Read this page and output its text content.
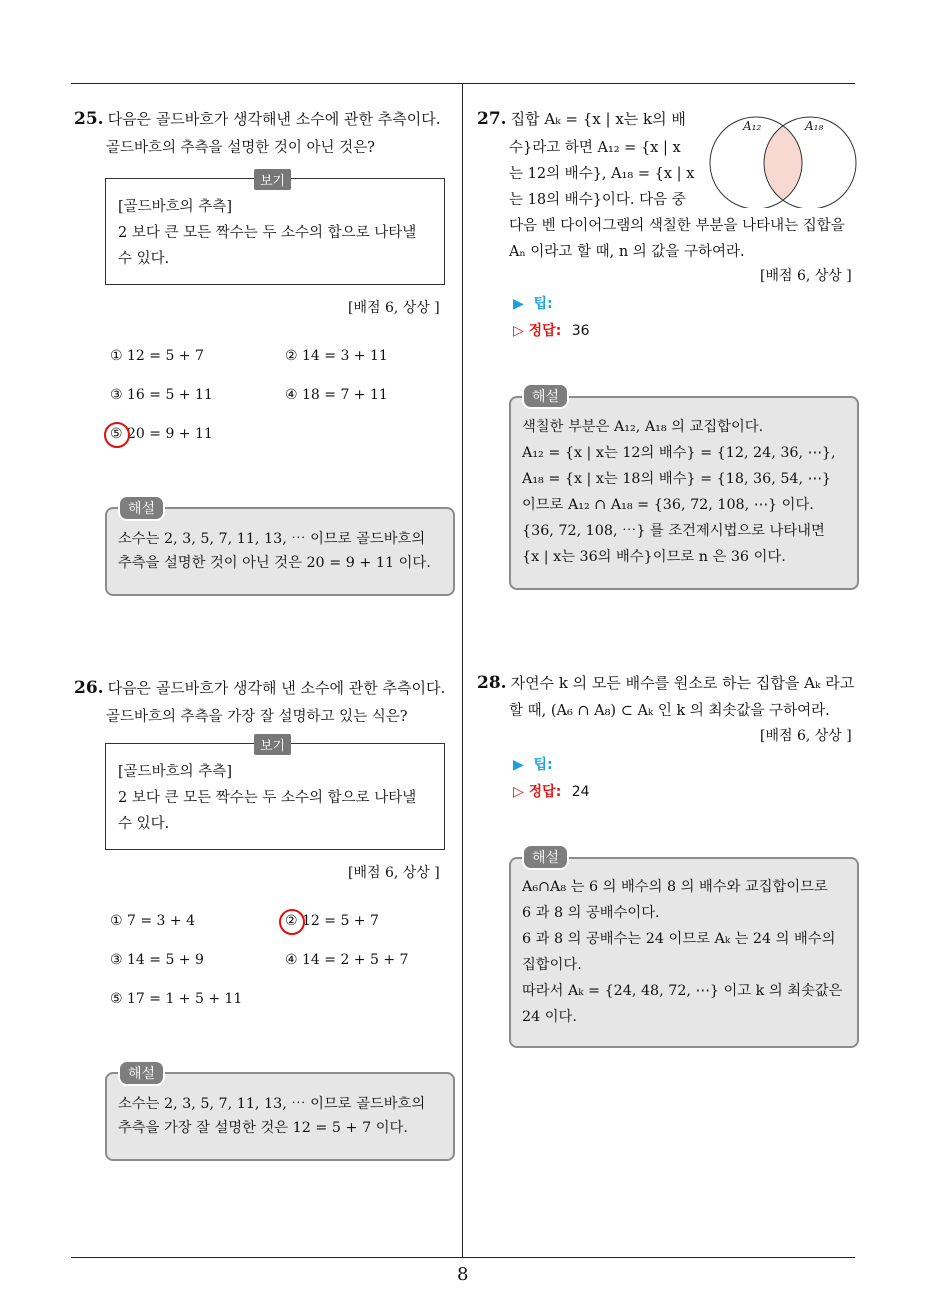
25. 다음은 골드바흐가 생각해낸 소수에 관한 추측이다.
골드바흐의 추측을 설명한 것이 아닌 것은?
보기
[골드바흐의 추측]
2 보다 큰 모든 짝수는 두 소수의 합으로 나타낼
수 있다.
[배점 6, 상상 ]
① 12 = 5 + 7	② 14 = 3 + 11
③ 16 = 5 + 11	④ 18 = 7 + 11
⑤ 20 = 9 + 11
해설
소수는 2, 3, 5, 7, 11, 13, ⋯ 이므로 골드바흐의
추측을 설명한 것이 아닌 것은 20 = 9 + 11 이다.
26. 다음은 골드바흐가 생각해 낸 소수에 관한 추측이다.
골드바흐의 추측을 가장 잘 설명하고 있는 식은?
보기
[골드바흐의 추측]
2 보다 큰 모든 짝수는 두 소수의 합으로 나타낼
수 있다.
[배점 6, 상상 ]
① 7 = 3 + 4	② 12 = 5 + 7
③ 14 = 5 + 9	④ 14 = 2 + 5 + 7
⑤ 17 = 1 + 5 + 11
해설
소수는 2, 3, 5, 7, 11, 13, ⋯ 이므로 골드바흐의
추측을 가장 잘 설명한 것은 12 = 5 + 7 이다.
27. 집합 Aₖ = {x | x는 k의 배
수}라고 하면 A₁₂ = {x | x
는 12의 배수}, A₁₈ = {x | x
는 18의 배수}이다. 다음 중
다음 벤 다이어그램의 색칠한 부분을 나타내는 집합을
Aₙ 이라고 할 때, n 의 값을 구하여라.
A₁₂	A₁₈
[배점 6, 상상 ]
▶  팁:
▷ 정답: 36
해설
색칠한 부분은 A₁₂, A₁₈ 의 교집합이다.
A₁₂ = {x | x는 12의 배수} = {12, 24, 36, ⋯},
A₁₈ = {x | x는 18의 배수} = {18, 36, 54, ⋯}
이므로 A₁₂ ∩ A₁₈ = {36, 72, 108, ⋯} 이다.
{36, 72, 108, ⋯} 를 조건제시법으로 나타내면
{x | x는 36의 배수}이므로 n 은 36 이다.
28. 자연수 k 의 모든 배수를 원소로 하는 집합을 Aₖ 라고
할 때, (A₆ ∩ A₈) ⊂ Aₖ 인 k 의 최솟값을 구하여라.
[배점 6, 상상 ]
▶  팁:
▷ 정답: 24
해설
A₆∩A₈ 는 6 의 배수의 8 의 배수와 교집합이므로
6 과 8 의 공배수이다.
6 과 8 의 공배수는 24 이므로 Aₖ 는 24 의 배수의
집합이다.
따라서 Aₖ = {24, 48, 72, ⋯} 이고 k 의 최솟값은
24 이다.
8
